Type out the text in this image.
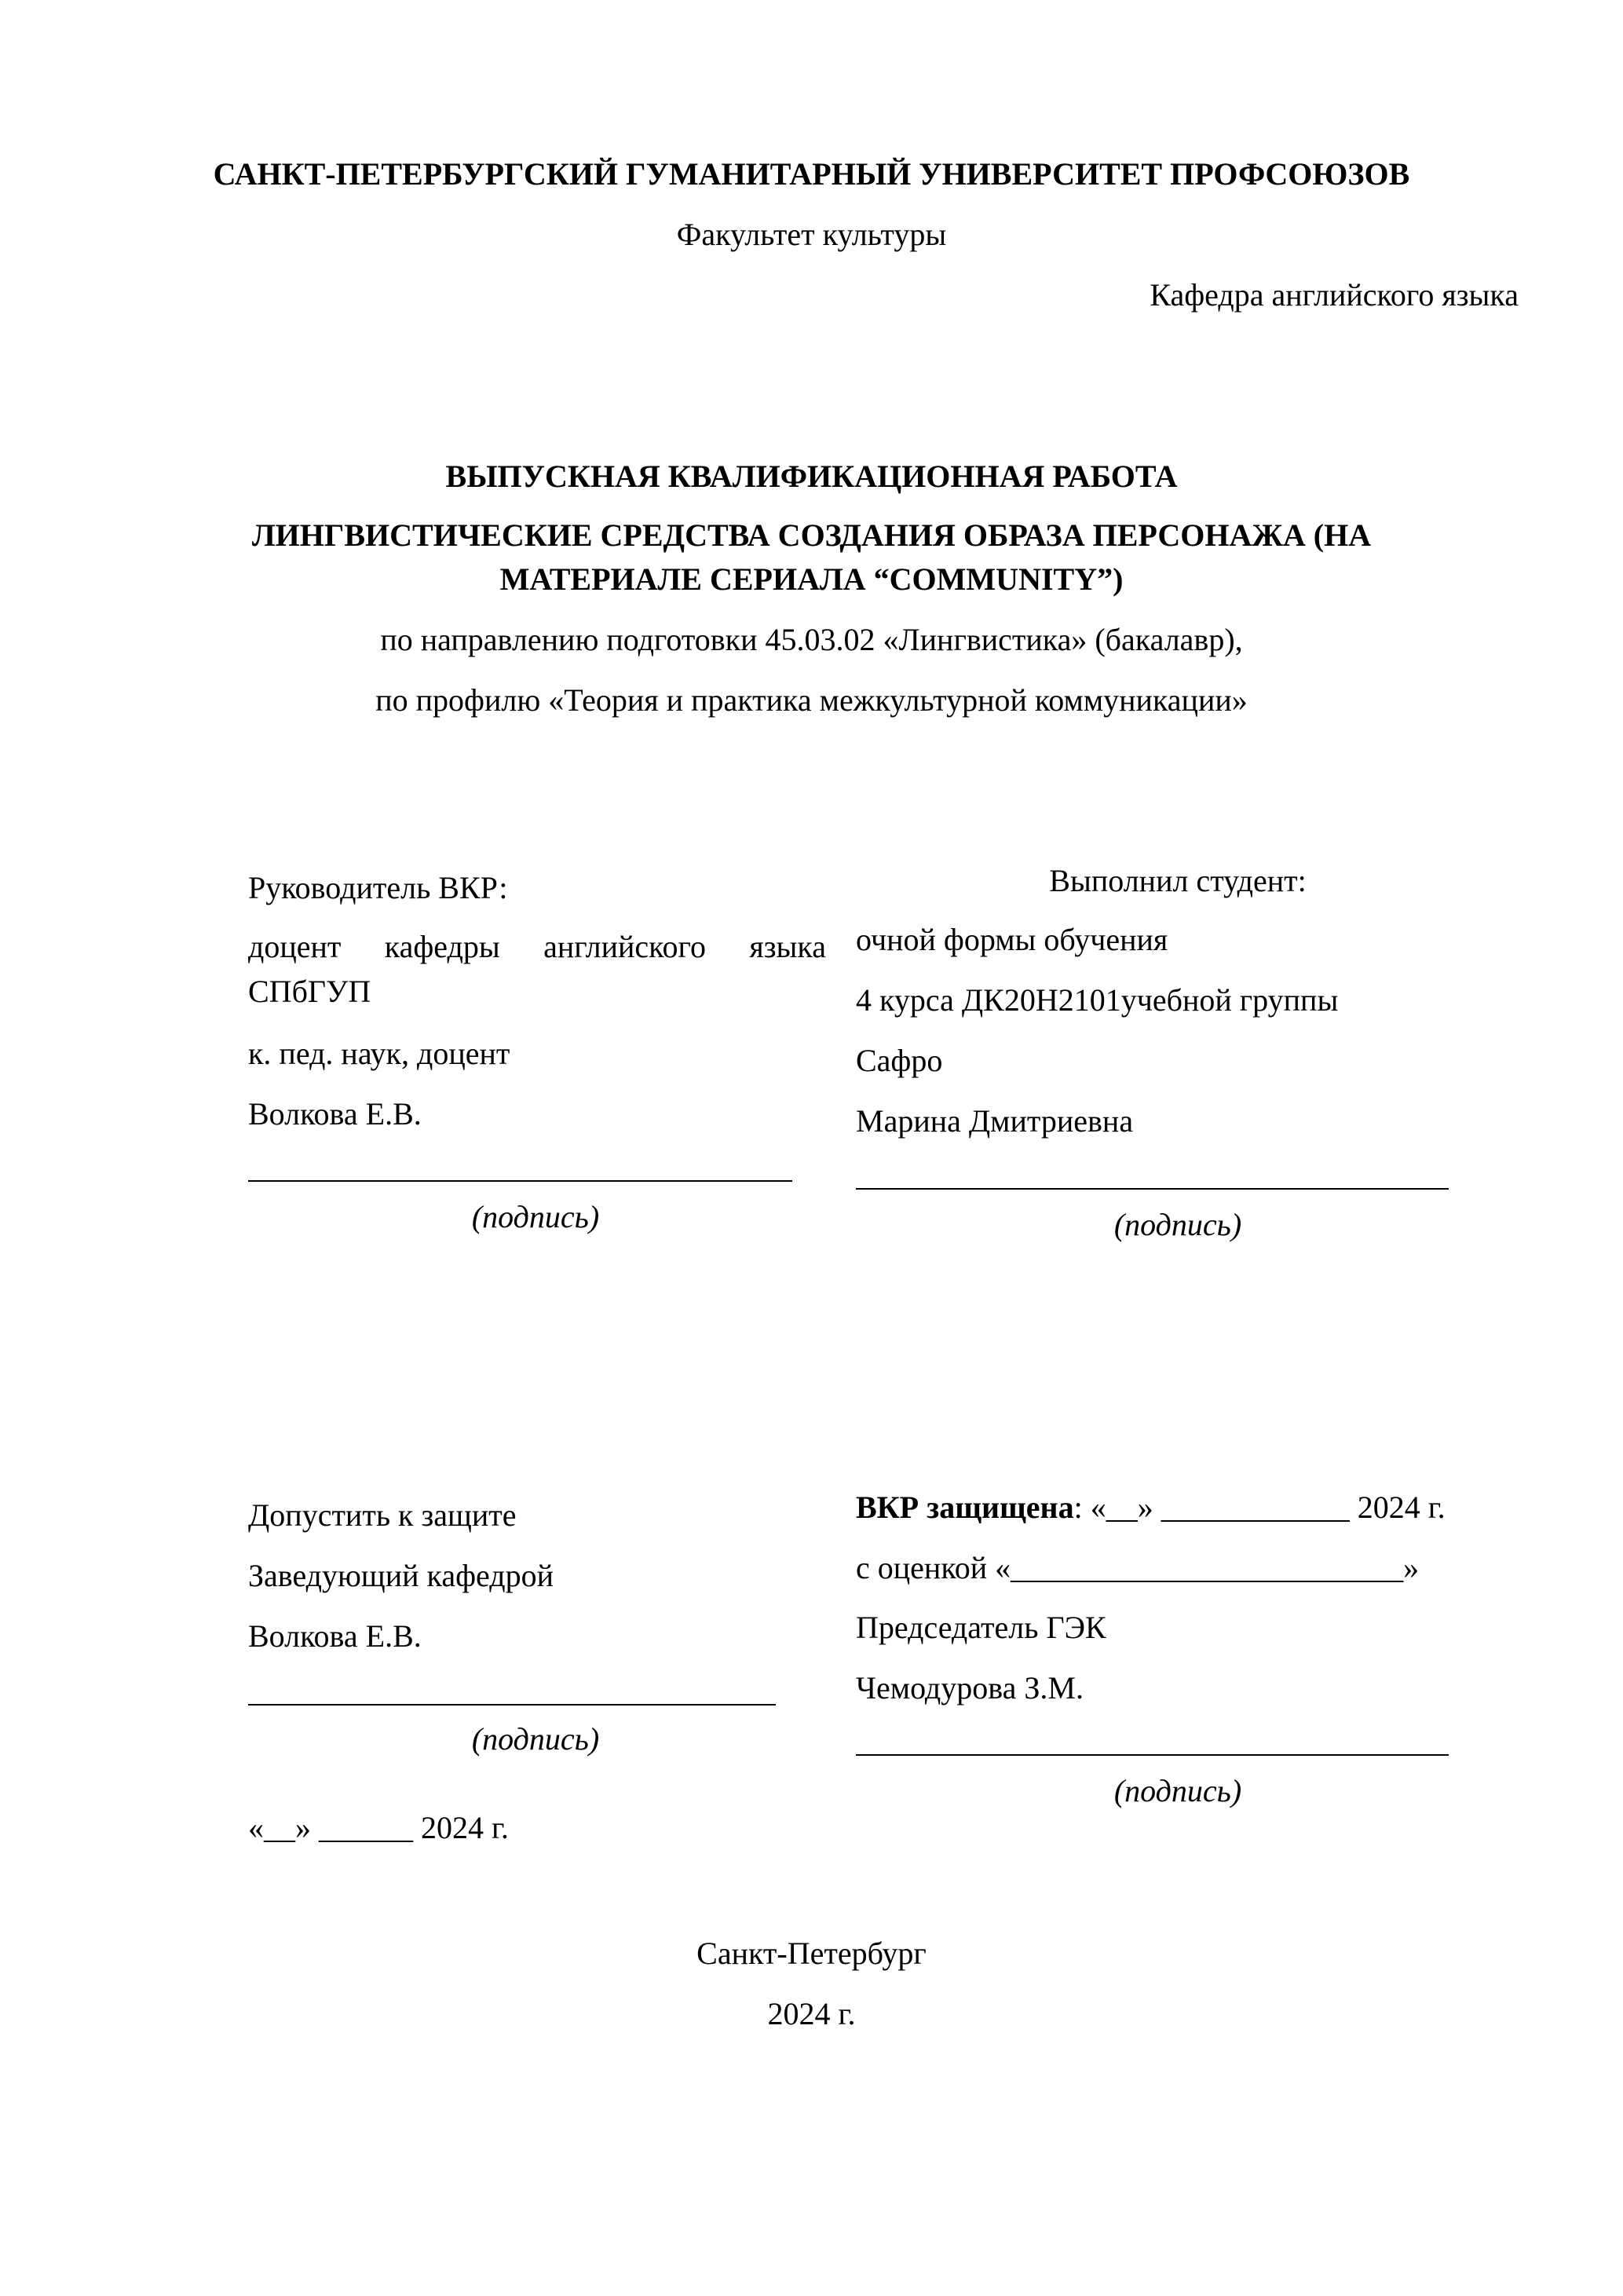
САНКТ-ПЕТЕРБУРГСКИЙ ГУМАНИТАРНЫЙ УНИВЕРСИТЕТ ПРОФСОЮЗОВ
Факультет культуры
Кафедра английского языка
ВЫПУСКНАЯ КВАЛИФИКАЦИОННАЯ РАБОТА
ЛИНГВИСТИЧЕСКИЕ СРЕДСТВА СОЗДАНИЯ ОБРАЗА ПЕРСОНАЖА (НА
МАТЕРИАЛЕ СЕРИАЛА “COMMUNITY”)
по направлению подготовки 45.03.02 «Лингвистика» (бакалавр),
по профилю «Теория и практика межкультурной коммуникации»
Руководитель ВКР:
доцент кафедры английского языка
СПбГУП
к. пед. наук, доцент
Волкова Е.В.
(подпись)
Выполнил студент:
очной формы обучения
4 курса ДК20Н2101учебной группы
Сафро
Марина Дмитриевна
(подпись)
Допустить к защите
Заведующий кафедрой
Волкова Е.В.
(подпись)
«__» ______ 2024 г.
ВКР защищена: «__» ____________ 2024 г.
с оценкой «_________________________»
Председатель ГЭК
Чемодурова З.М.
(подпись)
Санкт-Петербург
2024 г.
